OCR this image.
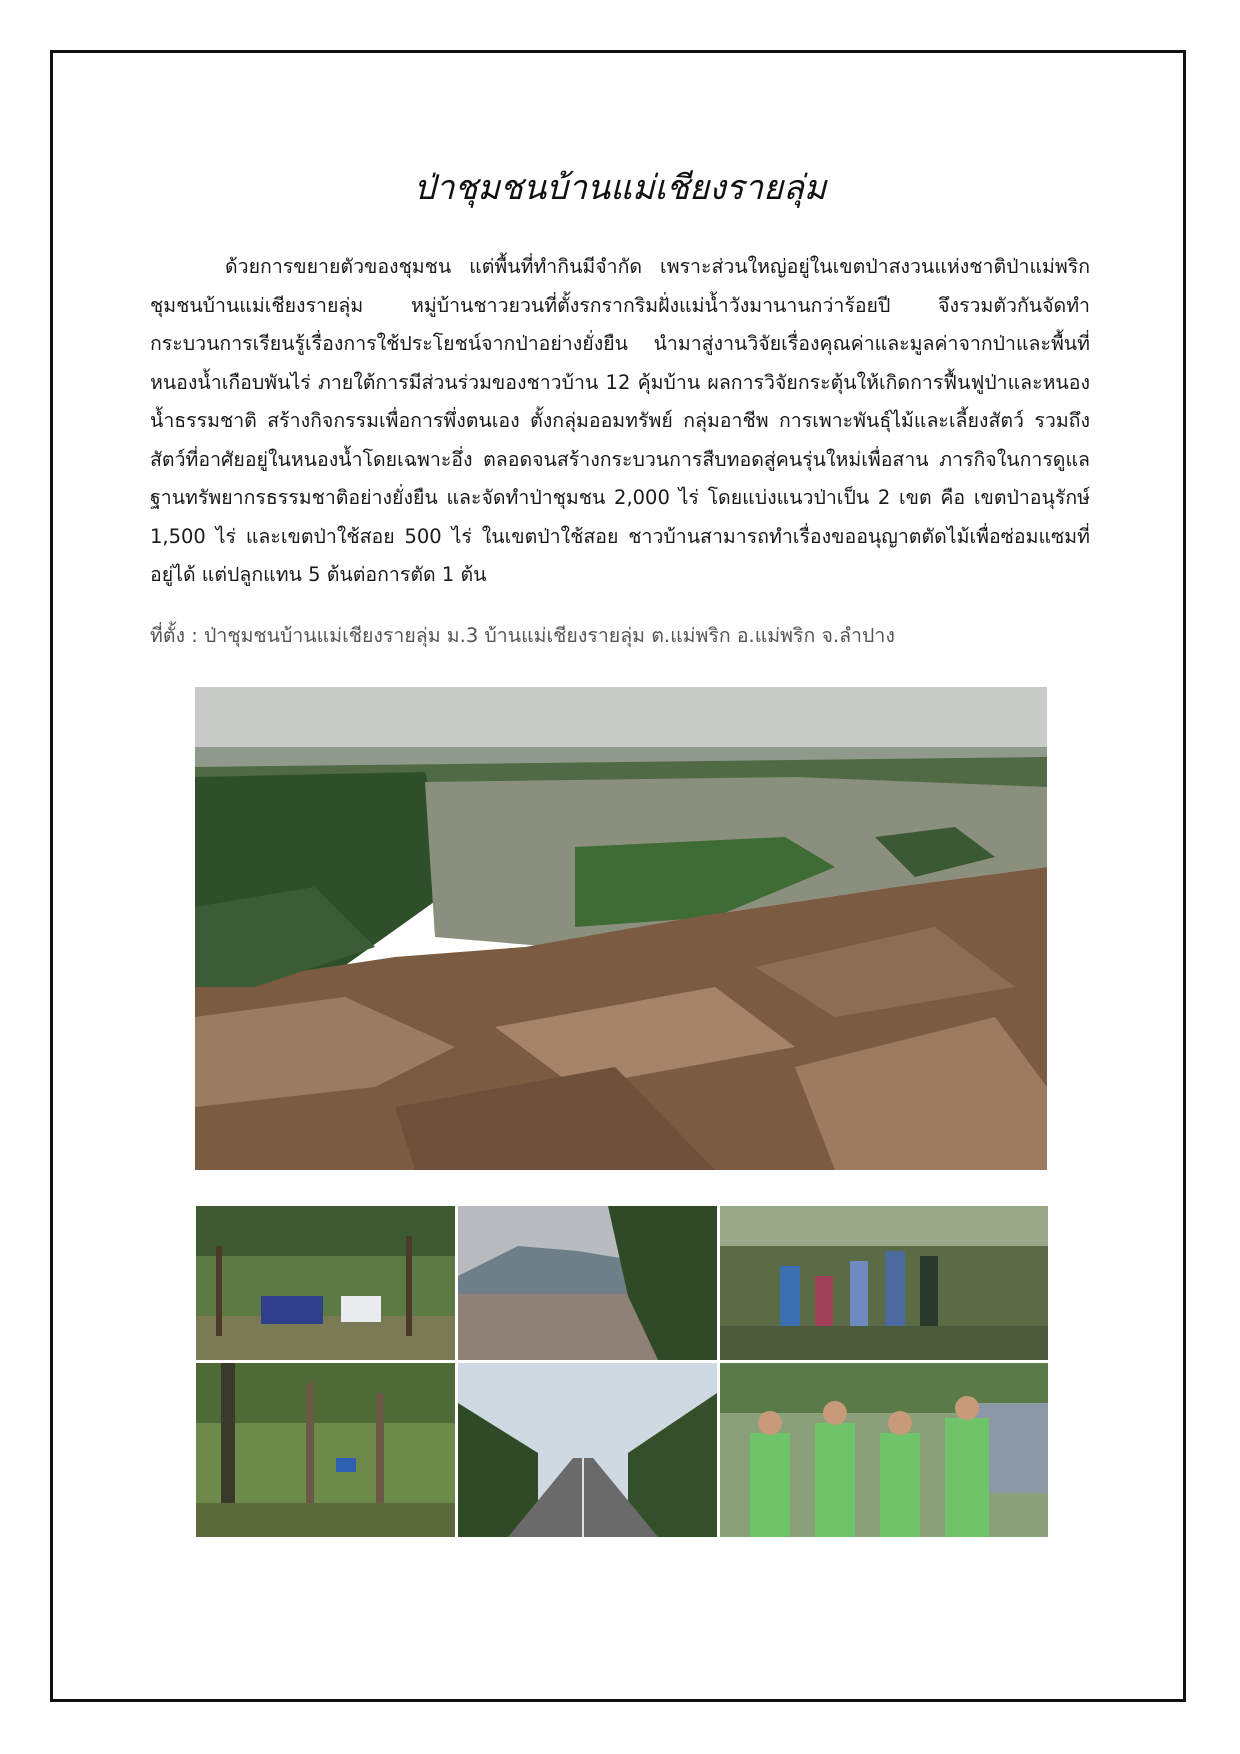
ป่าชุมชนบ้านแม่เชียงรายลุ่ม

ด้วยการขยายตัวของชุมชน แต่พื้นที่ทำกินมีจำกัด เพราะส่วนใหญ่อยู่ในเขตป่าสงวนแห่งชาติป่าแม่พริก ชุมชนบ้านแม่เชียงรายลุ่ม หมู่บ้านชาวยวนที่ตั้งรกรากริมฝั่งแม่น้ำวังมานานกว่าร้อยปี จึงรวมตัวกันจัดทำกระบวนการเรียนรู้เรื่องการใช้ประโยชน์จากป่าอย่างยั่งยืน นำมาสู่งานวิจัยเรื่องคุณค่าและมูลค่าจากป่าและพื้นที่หนองน้ำเกือบพันไร่ ภายใต้การมีส่วนร่วมของชาวบ้าน 12 คุ้มบ้าน ผลการวิจัยกระตุ้นให้เกิดการฟื้นฟูป่าและหนองน้ำธรรมชาติ สร้างกิจกรรมเพื่อการพึ่งตนเอง ตั้งกลุ่มออมทรัพย์ กลุ่มอาชีพ การเพาะพันธุ์ไม้และเลี้ยงสัตว์ รวมถึงสัตว์ที่อาศัยอยู่ในหนองน้ำโดยเฉพาะอึ่ง ตลอดจนสร้างกระบวนการสืบทอดสู่คนรุ่นใหม่เพื่อสาน ภารกิจในการดูแลฐานทรัพยากรธรรมชาติอย่างยั่งยืน และจัดทำป่าชุมชน 2,000 ไร่ โดยแบ่งแนวป่าเป็น 2 เขต คือ เขตป่าอนุรักษ์ 1,500 ไร่ และเขตป่าใช้สอย 500 ไร่ ในเขตป่าใช้สอย ชาวบ้านสามารถทำเรื่องขออนุญาตตัดไม้เพื่อซ่อมแซมที่อยู่ได้ แต่ปลูกแทน 5 ต้นต่อการตัด 1 ต้น

ที่ตั้ง : ป่าชุมชนบ้านแม่เชียงรายลุ่ม ม.3 บ้านแม่เชียงรายลุ่ม ต.แม่พริก อ.แม่พริก จ.ลำปาง
